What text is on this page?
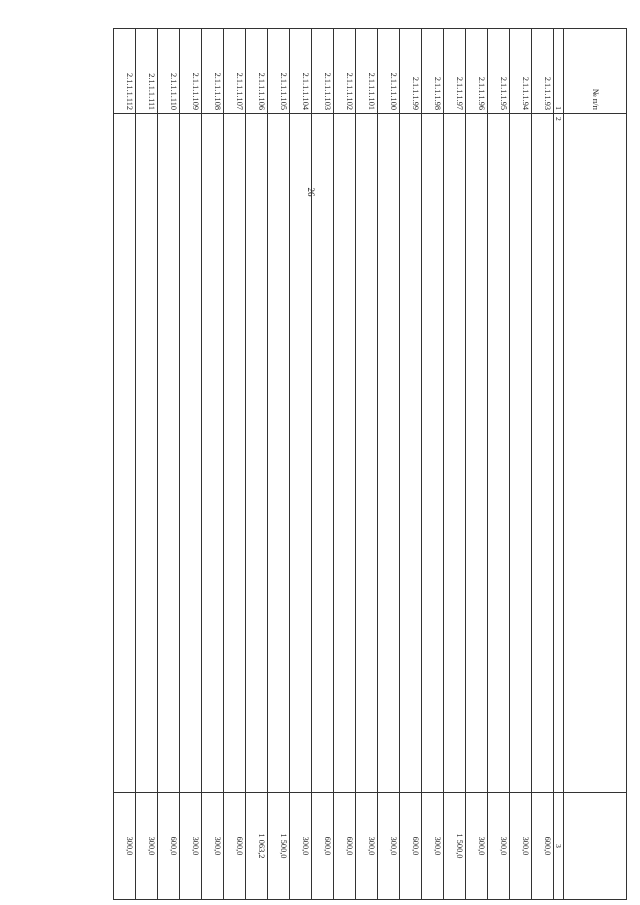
26
№ п/п		
1	2	3
2.1.1.1.93		600,0
2.1.1.1.94		300,0
2.1.1.1.95		300,0
2.1.1.1.96		300,0
2.1.1.1.97		1 500,0
2.1.1.1.98		300,0
2.1.1.1.99		600,0
2.1.1.1.100		300,0
2.1.1.1.101		300,0
2.1.1.1.102		600,0
2.1.1.1.103		600,0
2.1.1.1.104		300,0
2.1.1.1.105		1 500,0
2.1.1.1.106		1 063,2
2.1.1.1.107		600,0
2.1.1.1.108		300,0
2.1.1.1.109		300,0
2.1.1.1.110		600,0
2.1.1.1.111		300,0
2.1.1.1.112		300,0
